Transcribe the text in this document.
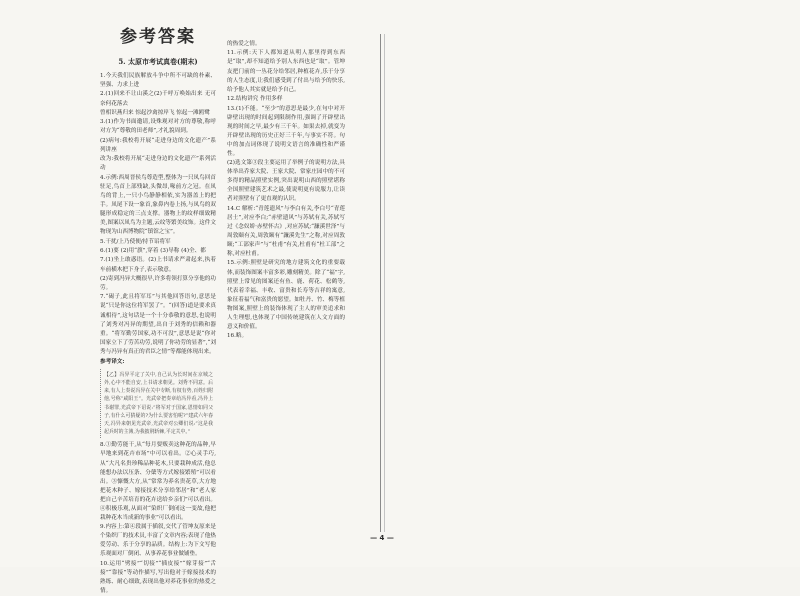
参考答案
5. 太原市考试真卷(期末)

1.今天我们民族解放斗争中所不可缺的朴素、坚强、力求上进

2.(1)回来不让山溪之(2)千呼万唤始出来 无可奈何花落去

曾相识燕归来 惊起沙禽掠岸飞 惊起一滩鸥鹭

3.(1)作为书面邀请,设殊观对对方的尊敬,称呼对方为“尊敬的田老师”,才礼貌周到。

(2)病句:我校将开展“走进身边的文化遗产”系列讲座

改为:我校将开展“走进身边的文化遗产”系列活动

4.示例:西周晋侯鸟尊造型,整体为一只凤鸟回首驻足,鸟首上部残缺,头微昂,喙前方之冠。在凤鸟的背上,一只小鸟静静相依,实为器盖上的把手。凤尾下设一象首,象鼻内卷上扬,与凤鸟的双腿形成稳定的三点支撑。器物上的纹样细致精美,图案以凤鸟为主题,云纹等繁美纹饰。这件文物现为山西博物院“镇馆之宝”。

5.干扰/上乃使便/持节诏将军

6.(1)要 (2)用“旗”,穿着 (3)导称 (4)全、都

7.(1)坐上敢惑语。(2)上书请求严肃起来,执着车前横木把下身子,表示敬意。

(2)寄到冯异大概很早,许多将领打算分享他的功劳。

7.“碣子,此且将军耳”与其他回答语句,意思是说“只是你这位将军罢了”。“(回答)道是要求真诚相待”,这句话是一个十分恭敬的意思,也说明了刘秀对冯异的期望,出自于刘秀的信赖和器重。“将军勤劳国家,功不可没”,意思是说“你对国家立下了劳苦功劳,说明了你功劳的显著”,“刘秀与冯异有真正的君臣之情”等都能体现出来。

参考译文:

【乙】冯异平定了关中,自己认为长时间在京城之外,心中不能自安,上书请求朝见。刘秀不同意。后来,有人上奏说冯异在关中专断,有权有势,百姓归附他,号称“咸阳王”。光武帝把奏章给冯异看,冯异上书谢罪,光武帝下诏说:“将军对于国家,恩情如同父子,有什么可猜疑的?为什么要害怕呢?”建武六年春天,冯异来朝见光武帝,光武帝对公卿们说:“这是我起兵时的主簿,为我披荆斩棘,平定关中。”

8.①勤劳能干,从“每月要贩卖这种花的品种,早早地来到花卉市场”中可以看出。②心灵手巧,从“大凡名贵珍稀品种花木,只要栽种成活,他总能想办法以压条、分蘖等方式嫁接繁殖”可以看出。③慷慨大方,从“常常为养名贵花草,大方地把花木种子、嫁接技术分享给邻居”和“老人家把自己辛苦培育的花卉送给乡亲们”可以看出。④积极乐观,从面对“染织厂倒闭这一变故,他把栽种花木当成新的事业”可以看出。

9.内容上:第④段属于插叙,交代了管坤友原来是个染织厂的技术员,丰富了文章内容;表现了他热爱劳动、乐于分享的品质。结构上:为下文写他乐观面对厂倒闭、从事养花事业做铺垫。

10.运用“劈接”“切接”“插皮接”“嫁芽接”“舌接”“靠接”等动作描写,写出他对于嫁接技术的熟练、耐心细致,表现出他对养花事业的热爱之情。

的热爱之情。

11.示例:天下人都知道从明人那里得到东西是“取”,却不知道给予别人东西也是“取”。管坤友把门前的一丛花分给邻居,种植花卉,乐于分享的人生态度,让我们感受到了付出与给予的快乐,给予他人其实就是给予自己。

12.结构讲究 作用多样

13.(1)不能。“至少”的意思是最少,在句中对开辟壁出现的时间起到限制作用,强调了开辟壁出现的时间之早,最少有三千年。如果去掉,就变为开辟壁出现的历史正好三千年,与事实不符。句中的加点词体现了说明文语言的准确性和严谨性。

(2)选文第③段主要运用了举例子的说明方法,具体举出乔家大院、王家大院、常家庄园中的不可多得的精品照壁实例,突出说明山西的照壁堪称全国照壁建筑艺术之最,使说明更有说服力,让读者对照壁有了更直观的认识。

14.C 解析:“青莲遗风”与李白有关,李白号“青莲居士”,对应李白;“赤壁遗风”与苏轼有关,苏轼写过《念奴娇·赤壁怀古》,对应苏轼;“濂溪世泽”与周敦颐有关,周敦颐有“濂溪先生”之称,对应周敦颐;“工部家声”与“杜甫”有关,杜甫有“杜工部”之称,对应杜甫。

15.示例:照壁是研究的地方建筑文化的重要载体,而装饰图案丰富多彩,雕刻精美。除了“福”字,照壁上常见的图案还有鱼、鹿、荷花、松鹤等,代表着幸福、丰收、富贵和长寿等吉祥的寓意,象征着福气和富贵的愿望。如牡丹、竹、梅等植物图案,照壁上的装饰体现了主人的审美追求和人生理想,也体现了中国传统建筑在人文方面的意义和价值。

16.略。

— 4 —
